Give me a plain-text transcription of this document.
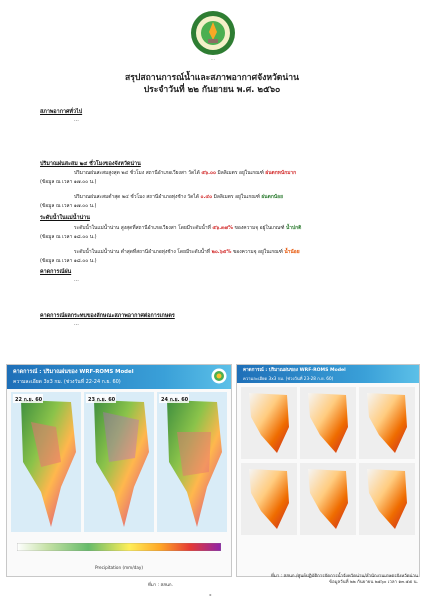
…
สรุปสถานการณ์น้ำและสภาพอากาศจังหวัดน่าน
ประจำวันที่ ๒๒ กันยายน พ.ศ. ๒๕๖๐
สภาพอากาศทั่วไป
…
ปริมาณฝนสะสม ๒๔ ชั่วโมงของจังหวัดน่าน
ปริมาณฝนสะสมสูงสุด ๒๔ ชั่วโมง สถานีอำเภอเวียงสา วัดได้ ๕๖.๐๐ มิลลิเมตร อยู่ในเกณฑ์ ฝนตกหนักมาก
(ข้อมูล ณ เวลา ๑๗.๐๐ น.)
ปริมาณฝนสะสมต่ำสุด ๒๔ ชั่วโมง สถานีอำเภอทุ่งช้าง วัดได้ ๐.๔๐ มิลลิเมตร อยู่ในเกณฑ์ ฝนตกน้อย
(ข้อมูล ณ เวลา ๑๗.๐๐ น.)
ระดับน้ำในแม่น้ำน่าน
ระดับน้ำในแม่น้ำน่าน สูงสุดที่สถานีอำเภอเวียงสา โดยมีระดับน้ำที่ ๕๖.๓๗% ของความจุ อยู่ในเกณฑ์ น้ำปกติ
(ข้อมูล ณ เวลา ๑๘.๐๐ น.)
ระดับน้ำในแม่น้ำน่าน ต่ำสุดที่สถานีอำเภอทุ่งช้าง โดยมีระดับน้ำที่ ๒๐.๖๕% ของความจุ อยู่ในเกณฑ์ น้ำน้อย
(ข้อมูล ณ เวลา ๑๘.๐๐ น.)
คาดการณ์ฝน
…
คาดการณ์ผลกระทบของลักษณะสภาพอากาศต่อการเกษตร
…
คาดการณ์ : ปริมาณฝนของ WRF-ROMS Model
ความละเอียด 3x3 กม. (ช่วงวันที่ 22-24 ก.ย. 60)
22 ก.ย. 60	23 ก.ย. 60	24 ก.ย. 60
Precipitation (mm/day)
คาดการณ์ : ปริมาณฝนของ WRF-ROMS Model
ความละเอียด 3x3 กม. (ช่วงวันที่ 23-28 ก.ย. 60)
ที่มา : สสนก./ศูนย์ปฏิบัติการจัดการน้ำจังหวัดน่าน/สำนักงานเกษตรจังหวัดน่าน
ข้อมูลวันที่ ๒๒ กันยายน ๒๕๖๐ เวลา ๑๓.๕๕ น.
ที่มา : สสนก.
๑
